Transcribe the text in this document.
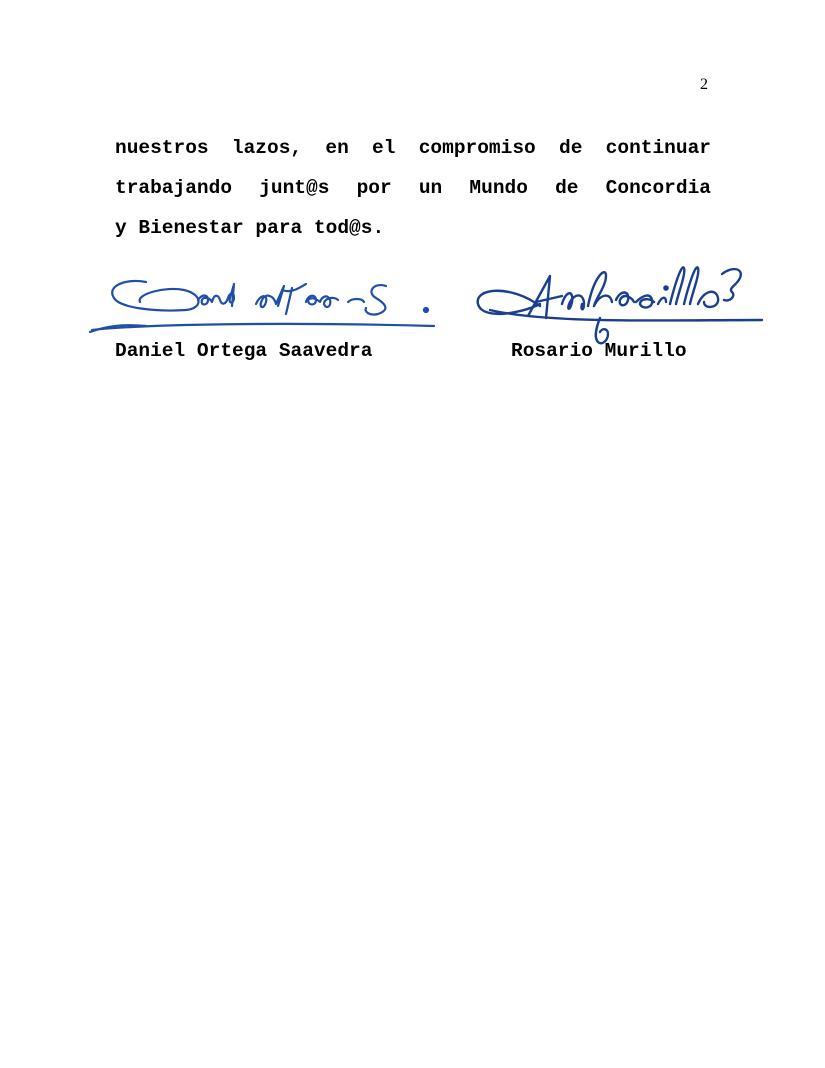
2
nuestros lazos, en el compromiso de continuar
trabajando junt@s por un Mundo de Concordia
y Bienestar para tod@s.
Daniel Ortega Saavedra	Rosario Murillo
